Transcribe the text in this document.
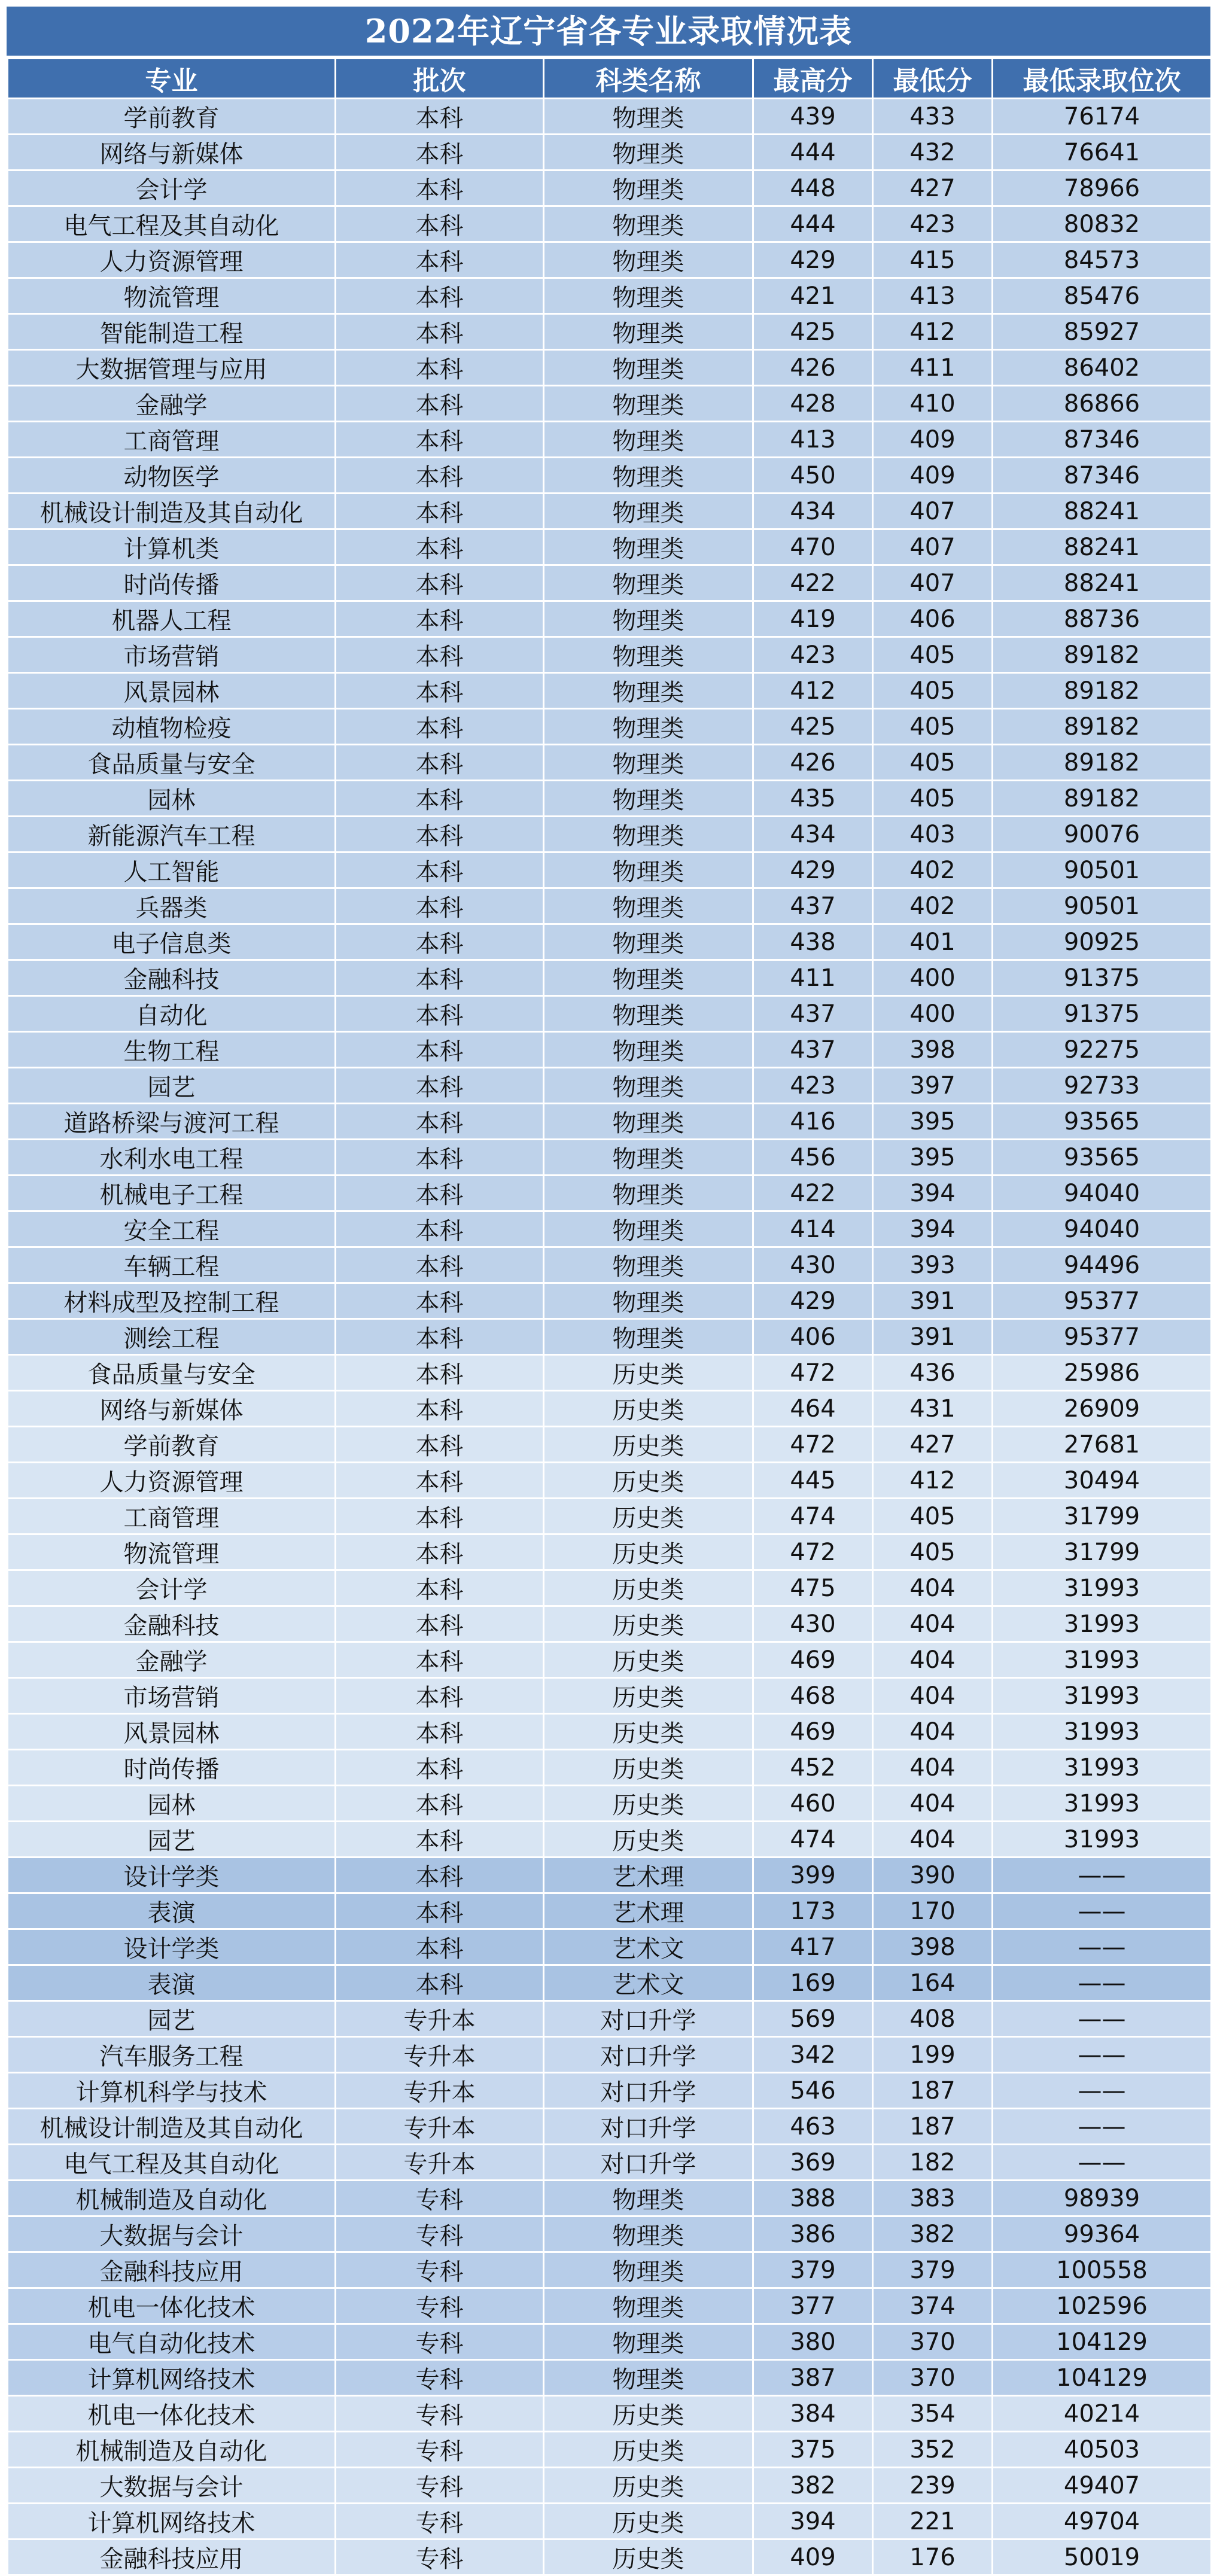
2022年辽宁省各专业录取情况表
专业	批次	科类名称	最高分	最低分	最低录取位次
学前教育	本科	物理类	439	433	76174
网络与新媒体	本科	物理类	444	432	76641
会计学	本科	物理类	448	427	78966
电气工程及其自动化	本科	物理类	444	423	80832
人力资源管理	本科	物理类	429	415	84573
物流管理	本科	物理类	421	413	85476
智能制造工程	本科	物理类	425	412	85927
大数据管理与应用	本科	物理类	426	411	86402
金融学	本科	物理类	428	410	86866
工商管理	本科	物理类	413	409	87346
动物医学	本科	物理类	450	409	87346
机械设计制造及其自动化	本科	物理类	434	407	88241
计算机类	本科	物理类	470	407	88241
时尚传播	本科	物理类	422	407	88241
机器人工程	本科	物理类	419	406	88736
市场营销	本科	物理类	423	405	89182
风景园林	本科	物理类	412	405	89182
动植物检疫	本科	物理类	425	405	89182
食品质量与安全	本科	物理类	426	405	89182
园林	本科	物理类	435	405	89182
新能源汽车工程	本科	物理类	434	403	90076
人工智能	本科	物理类	429	402	90501
兵器类	本科	物理类	437	402	90501
电子信息类	本科	物理类	438	401	90925
金融科技	本科	物理类	411	400	91375
自动化	本科	物理类	437	400	91375
生物工程	本科	物理类	437	398	92275
园艺	本科	物理类	423	397	92733
道路桥梁与渡河工程	本科	物理类	416	395	93565
水利水电工程	本科	物理类	456	395	93565
机械电子工程	本科	物理类	422	394	94040
安全工程	本科	物理类	414	394	94040
车辆工程	本科	物理类	430	393	94496
材料成型及控制工程	本科	物理类	429	391	95377
测绘工程	本科	物理类	406	391	95377
食品质量与安全	本科	历史类	472	436	25986
网络与新媒体	本科	历史类	464	431	26909
学前教育	本科	历史类	472	427	27681
人力资源管理	本科	历史类	445	412	30494
工商管理	本科	历史类	474	405	31799
物流管理	本科	历史类	472	405	31799
会计学	本科	历史类	475	404	31993
金融科技	本科	历史类	430	404	31993
金融学	本科	历史类	469	404	31993
市场营销	本科	历史类	468	404	31993
风景园林	本科	历史类	469	404	31993
时尚传播	本科	历史类	452	404	31993
园林	本科	历史类	460	404	31993
园艺	本科	历史类	474	404	31993
设计学类	本科	艺术理	399	390	——
表演	本科	艺术理	173	170	——
设计学类	本科	艺术文	417	398	——
表演	本科	艺术文	169	164	——
园艺	专升本	对口升学	569	408	——
汽车服务工程	专升本	对口升学	342	199	——
计算机科学与技术	专升本	对口升学	546	187	——
机械设计制造及其自动化	专升本	对口升学	463	187	——
电气工程及其自动化	专升本	对口升学	369	182	——
机械制造及自动化	专科	物理类	388	383	98939
大数据与会计	专科	物理类	386	382	99364
金融科技应用	专科	物理类	379	379	100558
机电一体化技术	专科	物理类	377	374	102596
电气自动化技术	专科	物理类	380	370	104129
计算机网络技术	专科	物理类	387	370	104129
机电一体化技术	专科	历史类	384	354	40214
机械制造及自动化	专科	历史类	375	352	40503
大数据与会计	专科	历史类	382	239	49407
计算机网络技术	专科	历史类	394	221	49704
金融科技应用	专科	历史类	409	176	50019
